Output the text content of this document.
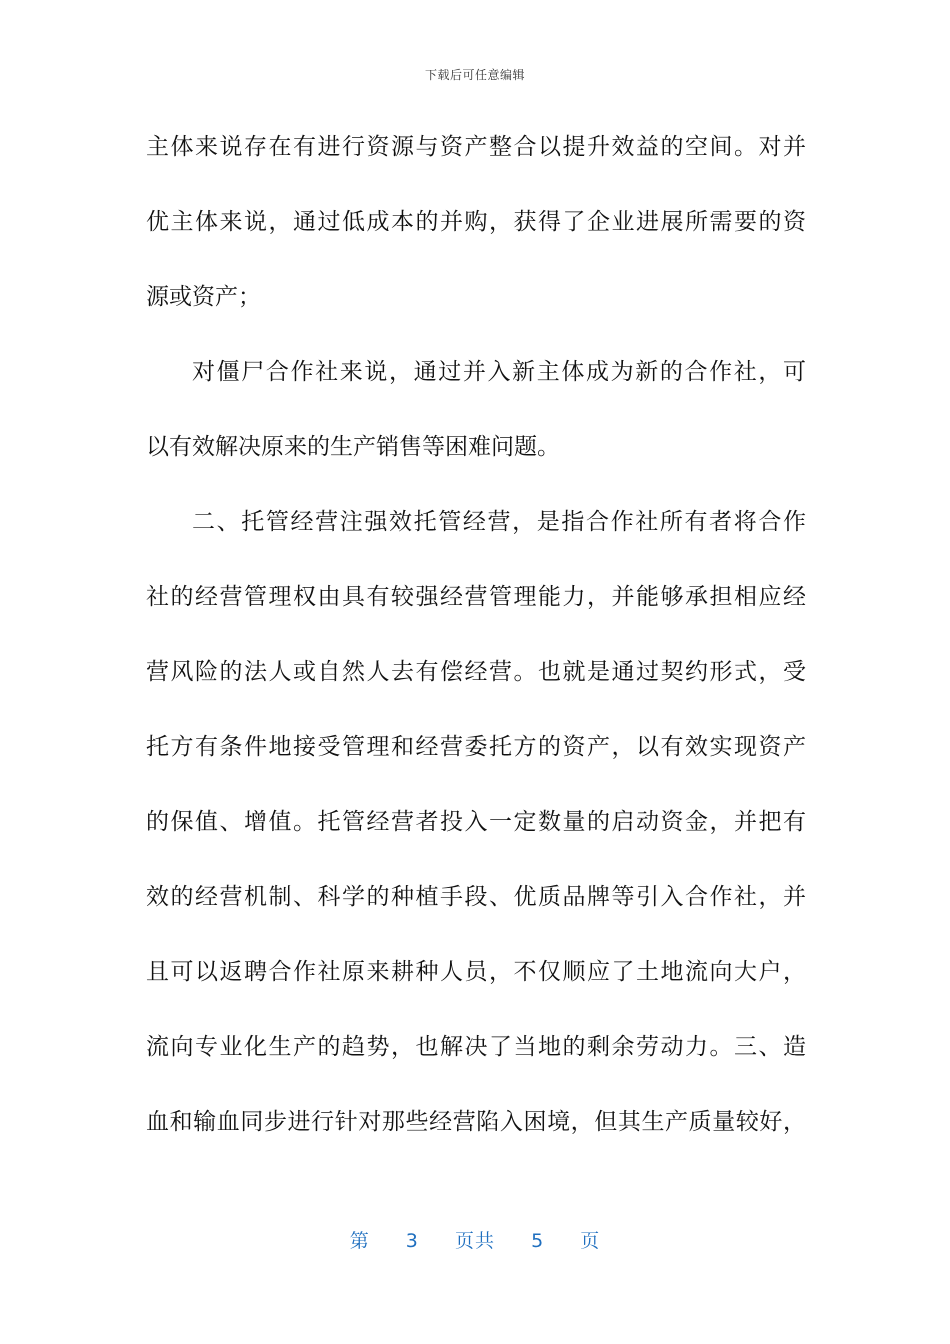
下载后可任意编辑
主体来说存在有进行资源与资产整合以提升效益的空间。对并
优主体来说，通过低成本的并购，获得了企业进展所需要的资
源或资产；
对僵尸合作社来说，通过并入新主体成为新的合作社，可
以有效解决原来的生产销售等困难问题。
二、托管经营注强效托管经营，是指合作社所有者将合作
社的经营管理权由具有较强经营管理能力，并能够承担相应经
营风险的法人或自然人去有偿经营。也就是通过契约形式，受
托方有条件地接受管理和经营委托方的资产，以有效实现资产
的保值、增值。托管经营者投入一定数量的启动资金，并把有
效的经营机制、科学的种植手段、优质品牌等引入合作社，并
且可以返聘合作社原来耕种人员，不仅顺应了土地流向大户，
流向专业化生产的趋势，也解决了当地的剩余劳动力。三、造
血和输血同步进行针对那些经营陷入困境，但其生产质量较好，
第 3 页共 5 页
